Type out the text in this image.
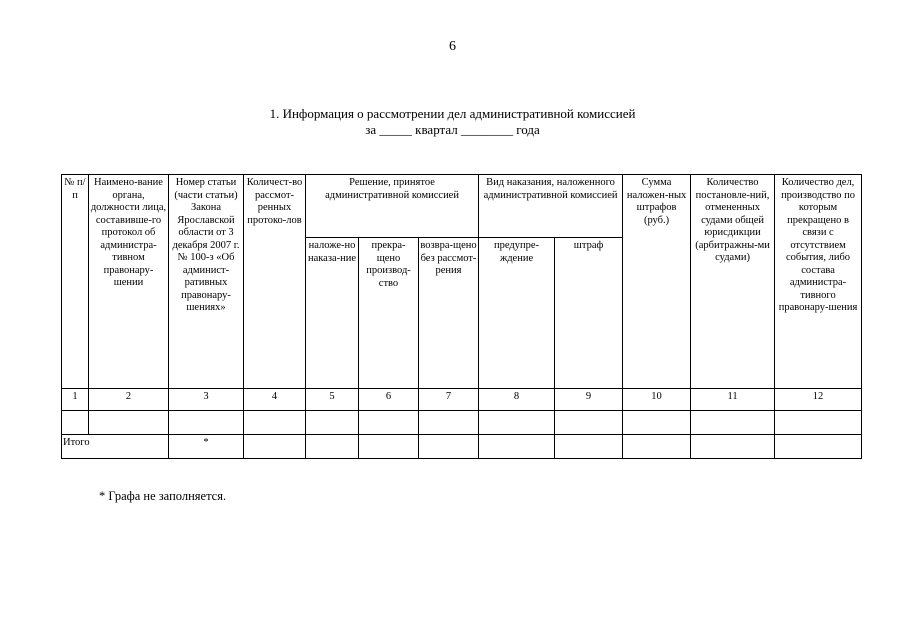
6
1. Информация о рассмотрении дел административной комиссией
за _____ квартал ________ года
№ п/п	Наимено-вание органа, должности лица, составивше-го протокол об администра-тивном правонару-шении	Номер статьи (части статьи) Закона Ярославской области от 3 декабря 2007 г. № 100-з «Об админист-ративных правонару-шениях»	Количест-во рассмот-ренных протоко-лов	Решение, принятое административной комиссией			Вид наказания, наложенного административной комиссией		Сумма наложен-ных штрафов (руб.)	Количество постановле-ний, отмененных судами общей юрисдикции (арбитражны-ми судами)	Количество дел, производство по которым прекращено в связи с отсутствием события, либо состава администра-тивного правонару-шения
				наложе-но наказа-ние	прекра-щено производ-ство	возвра-щено без рассмот-рения	предупре-ждение	штраф			
1	2	3	4	5	6	7	8	9	10	11	12

Итого		*									
* Графа не заполняется.
